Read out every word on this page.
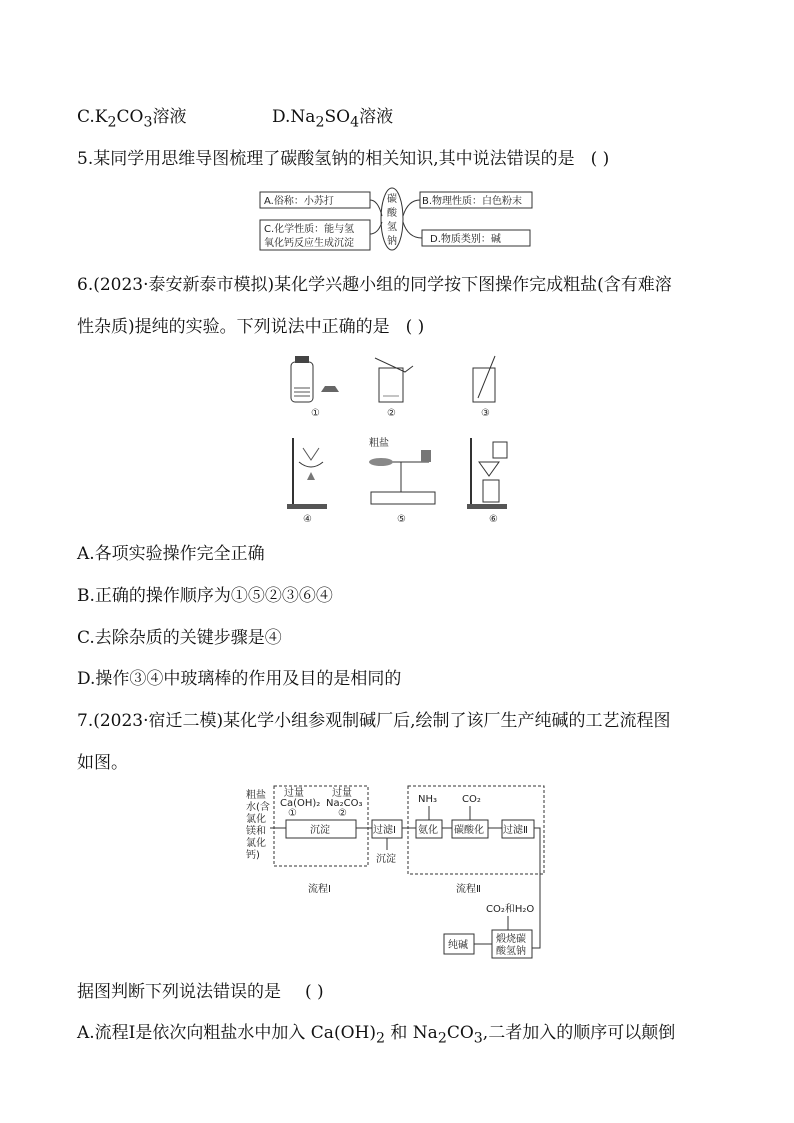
$C.K_2CO_3$溶液	$D.Na_2SO_4$溶液
5.某同学用思维导图梳理了碳酸氢钠的相关知识,其中说法错误的是 ( )
A.俗称：小苏打
C.化学性质：能与氢
氧化钙反应生成沉淀
碳
酸
氢
钠
B.物理性质：白色粉末
D.物质类别：碱
6.(2023·泰安新泰市模拟)某化学兴趣小组的同学按下图操作完成粗盐(含有难溶
性杂质)提纯的实验。下列说法中正确的是 ( )
①	②	③
④
粗盐
⑤	⑥
A.各项实验操作完全正确
B.正确的操作顺序为①⑤②③⑥④
C.去除杂质的关键步骤是④
D.操作③④中玻璃棒的作用及目的是相同的
7.(2023·宿迁二模)某化学小组参观制碱厂后,绘制了该厂生产纯碱的工艺流程图
如图。
粗盐
水(含
氯化
镁和
氯化
钙)
过量
Ca(OH)₂
①
过量
Na₂CO₃
②
沉淀	过滤Ⅰ
沉淀
流程Ⅰ
NH₃ CO₂
氨化 碳酸化 过滤Ⅱ
流程Ⅱ
CO₂和H₂O
煅烧碳
酸氢钠
纯碱
据图判断下列说法错误的是 ( )
A.流程Ⅰ是依次向粗盐水中加入 $Ca(OH)_2$ 和 $Na_2CO_3$,二者加入的顺序可以颠倒
